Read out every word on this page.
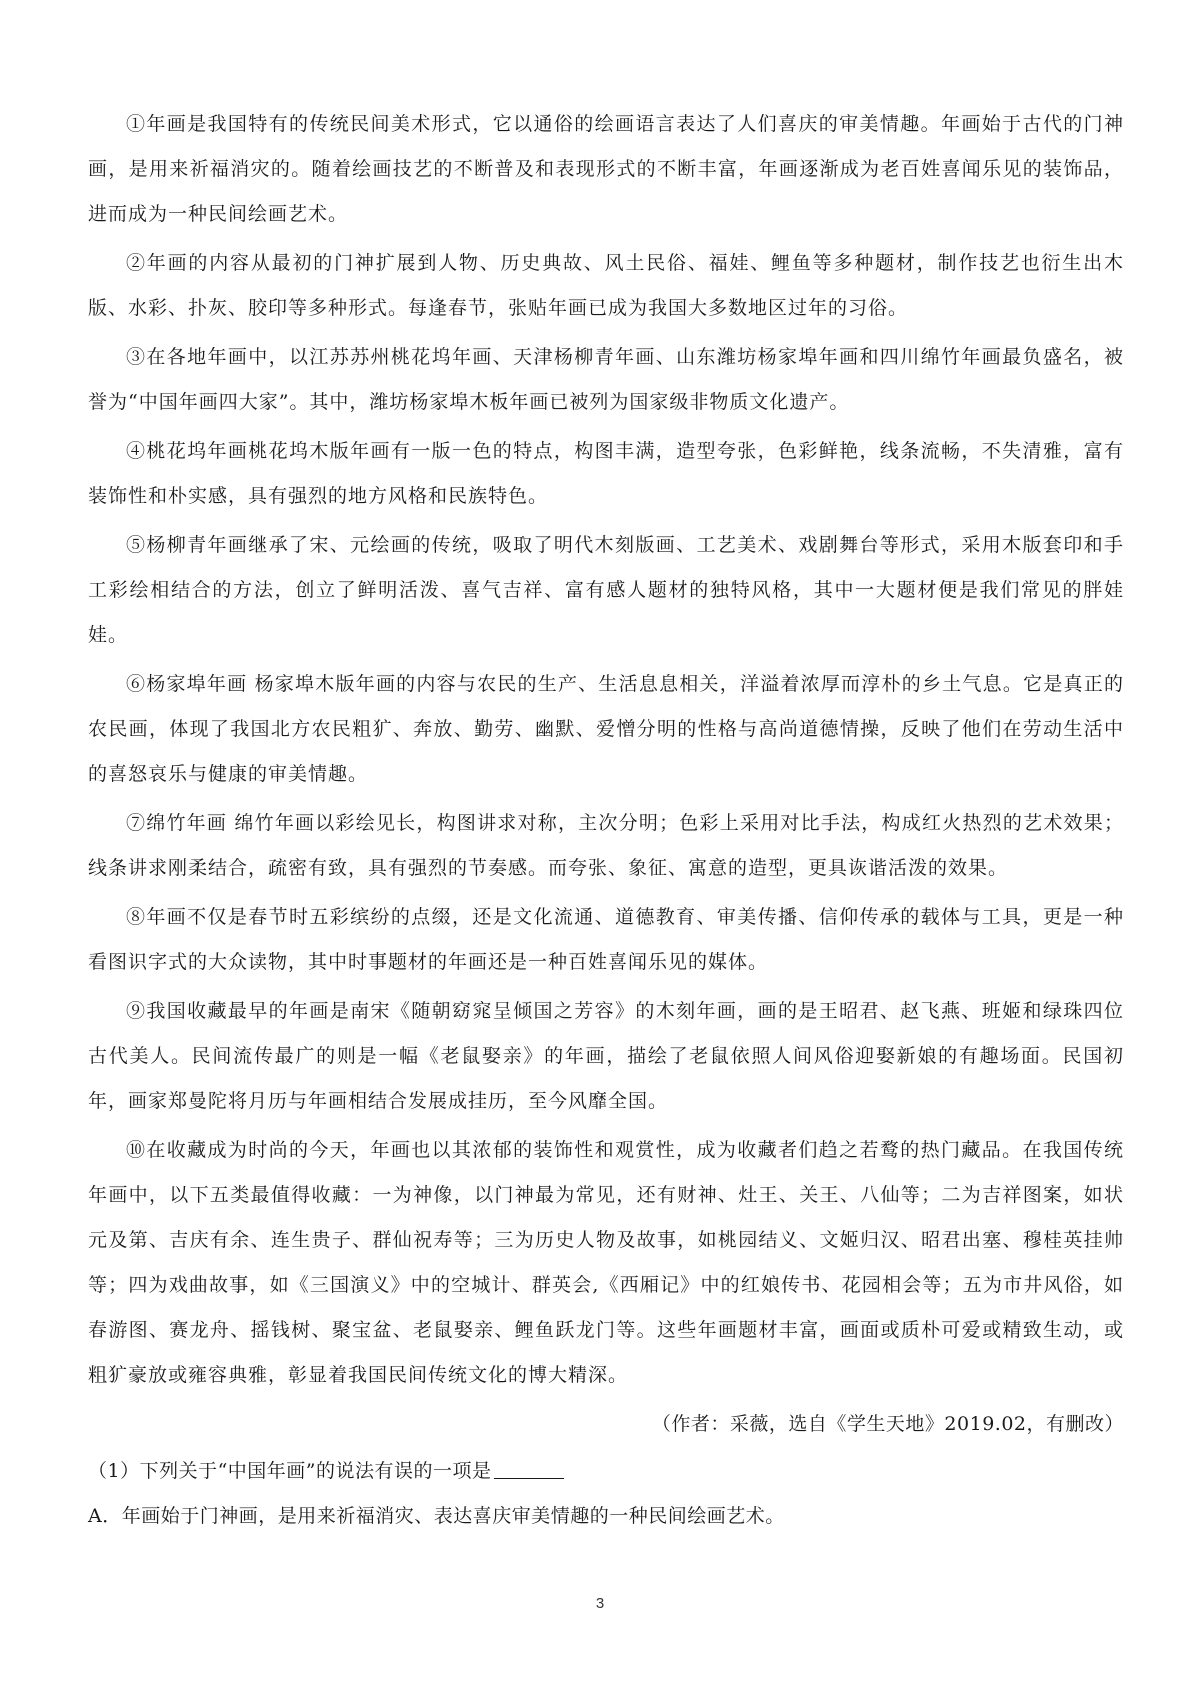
①年画是我国特有的传统民间美术形式，它以通俗的绘画语言表达了人们喜庆的审美情趣。年画始于古代的门神画，是用来祈福消灾的。随着绘画技艺的不断普及和表现形式的不断丰富，年画逐渐成为老百姓喜闻乐见的装饰品，进而成为一种民间绘画艺术。

②年画的内容从最初的门神扩展到人物、历史典故、风土民俗、福娃、鲤鱼等多种题材，制作技艺也衍生出木版、水彩、扑灰、胶印等多种形式。每逢春节，张贴年画已成为我国大多数地区过年的习俗。

③在各地年画中，以江苏苏州桃花坞年画、天津杨柳青年画、山东潍坊杨家埠年画和四川绵竹年画最负盛名，被誉为“中国年画四大家”。其中，潍坊杨家埠木板年画已被列为国家级非物质文化遗产。

④桃花坞年画桃花坞木版年画有一版一色的特点，构图丰满，造型夸张，色彩鲜艳，线条流畅，不失清雅，富有装饰性和朴实感，具有强烈的地方风格和民族特色。

⑤杨柳青年画继承了宋、元绘画的传统，吸取了明代木刻版画、工艺美术、戏剧舞台等形式，采用木版套印和手工彩绘相结合的方法，创立了鲜明活泼、喜气吉祥、富有感人题材的独特风格，其中一大题材便是我们常见的胖娃娃。

⑥杨家埠年画 杨家埠木版年画的内容与农民的生产、生活息息相关，洋溢着浓厚而淳朴的乡土气息。它是真正的农民画，体现了我国北方农民粗犷、奔放、勤劳、幽默、爱憎分明的性格与高尚道德情操，反映了他们在劳动生活中的喜怒哀乐与健康的审美情趣。

⑦绵竹年画 绵竹年画以彩绘见长，构图讲求对称，主次分明；色彩上采用对比手法，构成红火热烈的艺术效果；线条讲求刚柔结合，疏密有致，具有强烈的节奏感。而夸张、象征、寓意的造型，更具诙谐活泼的效果。

⑧年画不仅是春节时五彩缤纷的点缀，还是文化流通、道德教育、审美传播、信仰传承的载体与工具，更是一种看图识字式的大众读物，其中时事题材的年画还是一种百姓喜闻乐见的媒体。

⑨我国收藏最早的年画是南宋《随朝窈窕呈倾国之芳容》的木刻年画，画的是王昭君、赵飞燕、班姬和绿珠四位古代美人。民间流传最广的则是一幅《老鼠娶亲》的年画，描绘了老鼠依照人间风俗迎娶新娘的有趣场面。民国初年，画家郑曼陀将月历与年画相结合发展成挂历，至今风靡全国。

⑩在收藏成为时尚的今天，年画也以其浓郁的装饰性和观赏性，成为收藏者们趋之若鹜的热门藏品。在我国传统年画中，以下五类最值得收藏：一为神像，以门神最为常见，还有财神、灶王、关王、八仙等；二为吉祥图案，如状元及第、吉庆有余、连生贵子、群仙祝寿等；三为历史人物及故事，如桃园结义、文姬归汉、昭君出塞、穆桂英挂帅等；四为戏曲故事，如《三国演义》中的空城计、群英会,《西厢记》中的红娘传书、花园相会等；五为市井风俗，如春游图、赛龙舟、摇钱树、聚宝盆、老鼠娶亲、鲤鱼跃龙门等。这些年画题材丰富，画面或质朴可爱或精致生动，或粗犷豪放或雍容典雅，彰显着我国民间传统文化的博大精深。

（作者：采薇，选自《学生天地》2019.02，有删改）

（1）下列关于“中国年画”的说法有误的一项是

A．年画始于门神画，是用来祈福消灾、表达喜庆审美情趣的一种民间绘画艺术。

3
